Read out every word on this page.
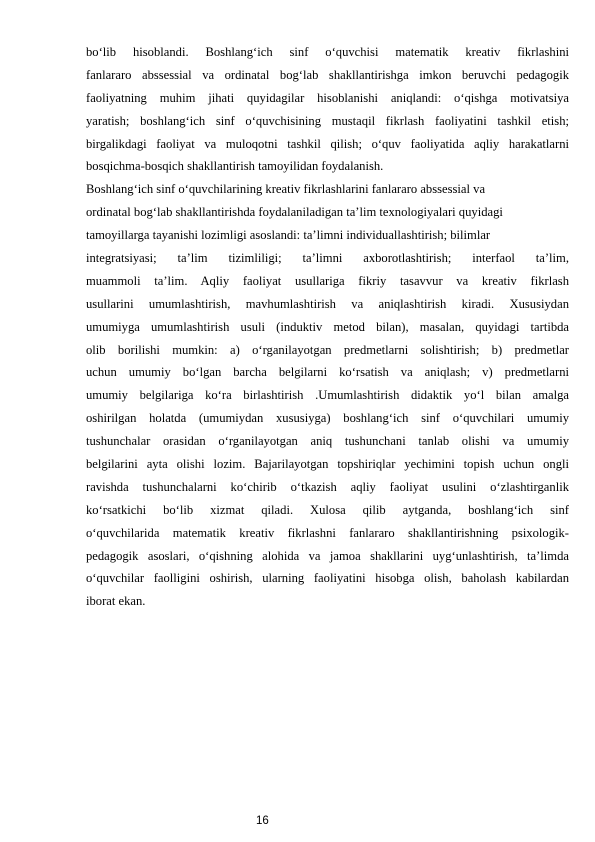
bo‘lib hisoblandi. Boshlang‘ich sinf o‘quvchisi matematik kreativ fikrlashini
fanlararo abssessial va ordinatal bog‘lab shakllantirishga imkon beruvchi pedagogik
faoliyatning muhim jihati quyidagilar hisoblanishi aniqlandi: o‘qishga motivatsiya
yaratish; boshlang‘ich sinf o‘quvchisining mustaqil fikrlash faoliyatini tashkil etish;
birgalikdagi faoliyat va muloqotni tashkil qilish; o‘quv faoliyatida aqliy harakatlarni
bosqichma-bosqich shakllantirish tamoyilidan foydalanish.
Boshlang‘ich sinf o‘quvchilarining kreativ fikrlashlarini fanlararo abssessial va
ordinatal bog‘lab shakllantirishda foydalaniladigan ta’lim texnologiyalari quyidagi
tamoyillarga tayanishi lozimligi asoslandi: ta’limni individuallashtirish; bilimlar
integratsiyasi; ta’lim tizimliligi; ta’limni axborotlashtirish; interfaol ta’lim,
muammoli ta’lim. Aqliy faoliyat usullariga fikriy tasavvur va kreativ fikrlash
usullarini umumlashtirish, mavhumlashtirish va aniqlashtirish kiradi. Xususiydan
umumiyga umumlashtirish usuli (induktiv metod bilan), masalan, quyidagi tartibda
olib borilishi mumkin: a) o‘rganilayotgan predmetlarni solishtirish; b) predmetlar
uchun umumiy bo‘lgan barcha belgilarni ko‘rsatish va aniqlash; v) predmetlarni
umumiy belgilariga ko‘ra birlashtirish .Umumlashtirish didaktik yo‘l bilan amalga
oshirilgan holatda (umumiydan xususiyga) boshlang‘ich sinf o‘quvchilari umumiy
tushunchalar orasidan o‘rganilayotgan aniq tushunchani tanlab olishi va umumiy
belgilarini ayta olishi lozim. Bajarilayotgan topshiriqlar yechimini topish uchun ongli
ravishda tushunchalarni ko‘chirib o‘tkazish aqliy faoliyat usulini o‘zlashtirganlik
ko‘rsatkichi bo‘lib xizmat qiladi. Xulosa qilib aytganda, boshlang‘ich sinf
o‘quvchilarida matematik kreativ fikrlashni fanlararo shakllantirishning psixologik-
pedagogik asoslari, o‘qishning alohida va jamoa shakllarini uyg‘unlashtirish, ta’limda
o‘quvchilar faolligini oshirish, ularning faoliyatini hisobga olish, baholash kabilardan
iborat ekan.
16
